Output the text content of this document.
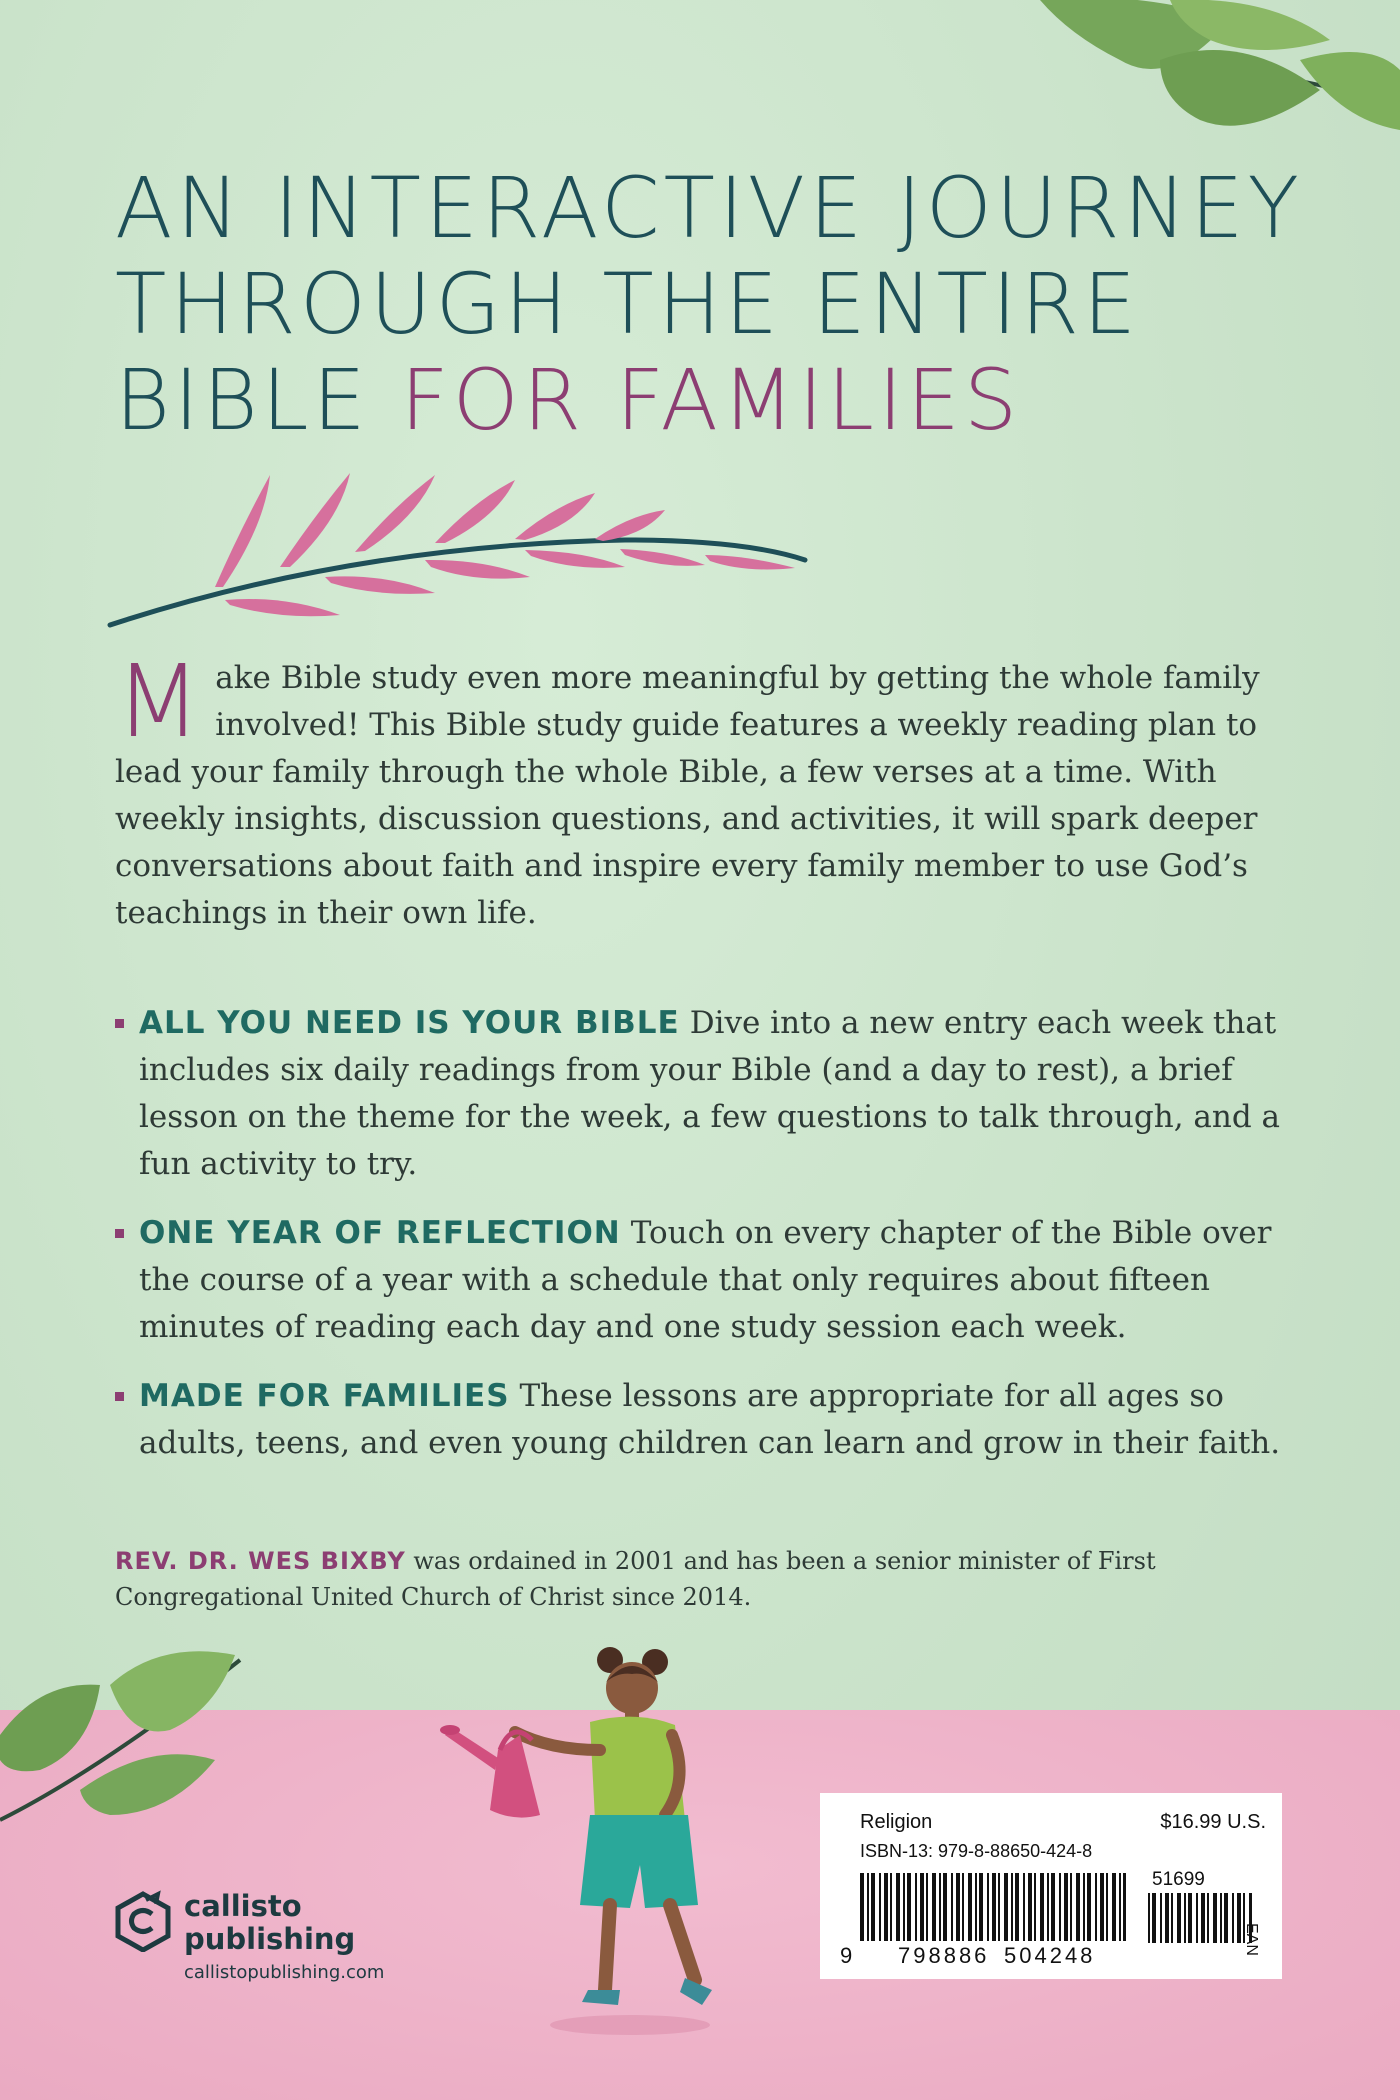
AN INTERACTIVE JOURNEY
THROUGH THE ENTIRE
BIBLE FOR FAMILIES

Make Bible study even more meaningful by getting the whole family involved! This Bible study guide features a weekly reading plan to lead your family through the whole Bible, a few verses at a time. With weekly insights, discussion questions, and activities, it will spark deeper conversations about faith and inspire every family member to use God’s teachings in their own life.

ALL YOU NEED IS YOUR BIBLE Dive into a new entry each week that includes six daily readings from your Bible (and a day to rest), a brief lesson on the theme for the week, a few questions to talk through, and a fun activity to try.
ONE YEAR OF REFLECTION Touch on every chapter of the Bible over the course of a year with a schedule that only requires about fifteen minutes of reading each day and one study session each week.
MADE FOR FAMILIES These lessons are appropriate for all ages so adults, teens, and even young children can learn and grow in their faith.

REV. DR. WES BIXBY was ordained in 2001 and has been a senior minister of First Congregational United Church of Christ since 2014.

callisto
publishing
callistopublishing.com
Religion	$16.99 U.S.
ISBN-13: 979-8-88650-424-8
51699
9 798886 504248	EAN
